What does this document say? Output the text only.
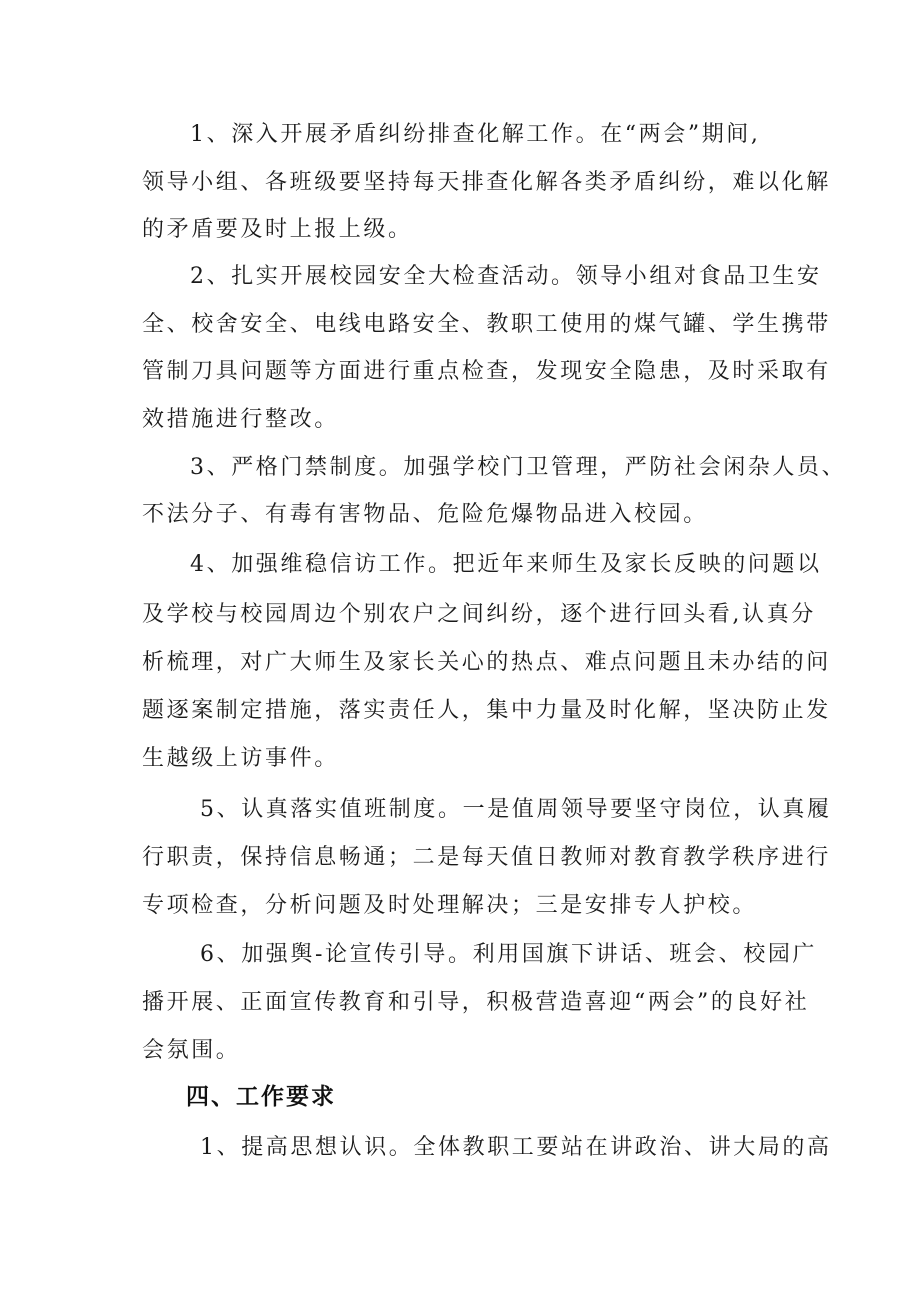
1、深入开展矛盾纠纷排查化解工作。在“两会”期间,
领导小组、各班级要坚持每天排查化解各类矛盾纠纷，难以化解
的矛盾要及时上报上级。
2、扎实开展校园安全大检查活动。领导小组对食品卫生安
全、校舍安全、电线电路安全、教职工使用的煤气罐、学生携带
管制刀具问题等方面进行重点检查，发现安全隐患，及时采取有
效措施进行整改。
3、严格门禁制度。加强学校门卫管理，严防社会闲杂人员、
不法分子、有毒有害物品、危险危爆物品进入校园。
4、加强维稳信访工作。把近年来师生及家长反映的问题以
及学校与校园周边个别农户之间纠纷，逐个进行回头看,认真分
析梳理，对广大师生及家长关心的热点、难点问题且未办结的问
题逐案制定措施，落实责任人，集中力量及时化解，坚决防止发
生越级上访事件。
5、认真落实值班制度。一是值周领导要坚守岗位，认真履
行职责，保持信息畅通；二是每天值日教师对教育教学秩序进行
专项检查，分析问题及时处理解决；三是安排专人护校。
6、加强舆-论宣传引导。利用国旗下讲话、班会、校园广
播开展、正面宣传教育和引导，积极营造喜迎“两会”的良好社
会氛围。
四、工作要求
1、提高思想认识。全体教职工要站在讲政治、讲大局的高
